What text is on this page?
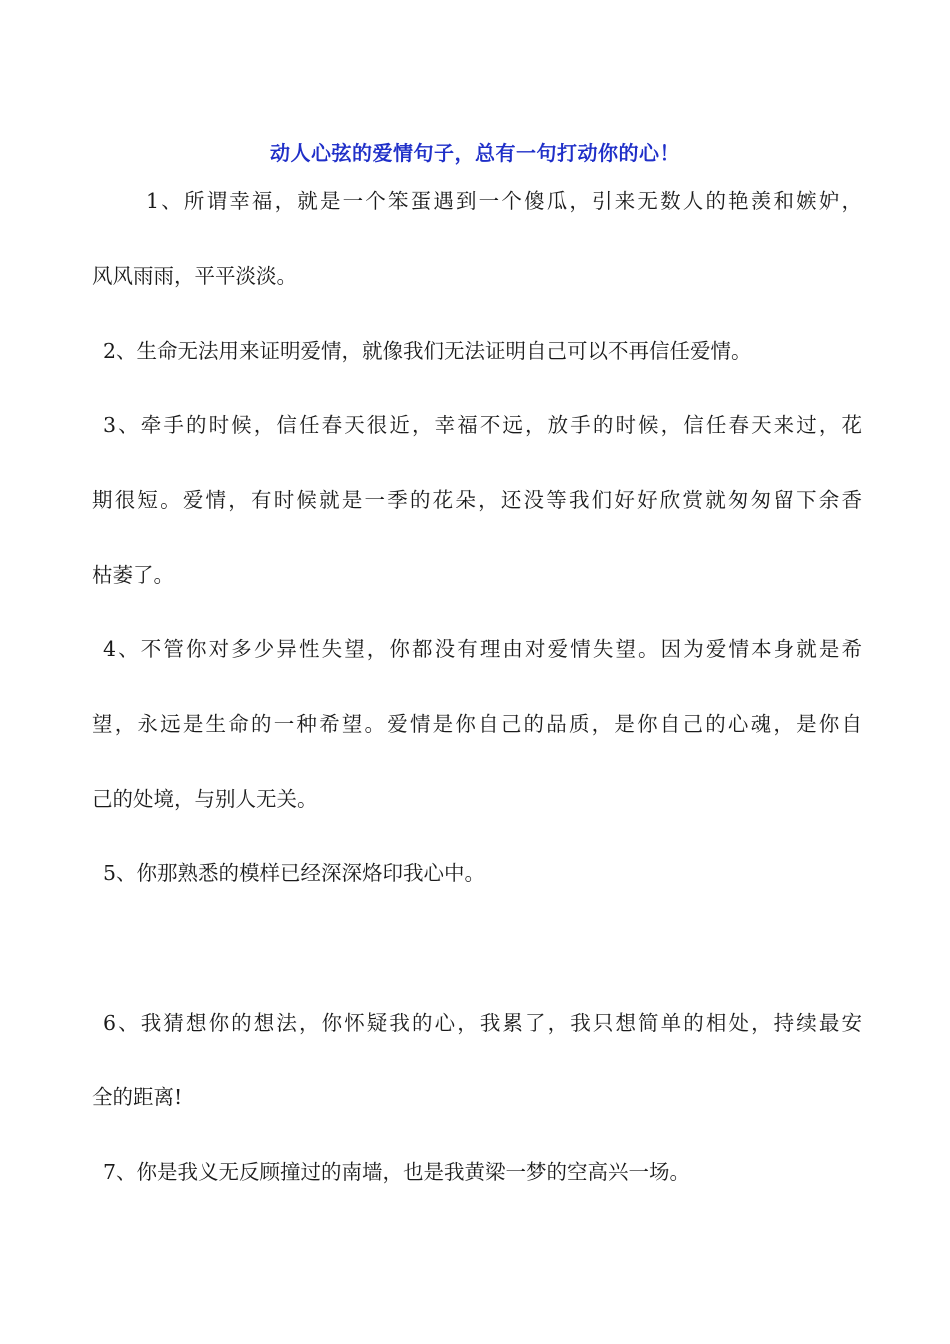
动人心弦的爱情句子，总有一句打动你的心！
1、所谓幸福，就是一个笨蛋遇到一个傻瓜，引来无数人的艳羡和嫉妒，
风风雨雨，平平淡淡。
2、生命无法用来证明爱情，就像我们无法证明自己可以不再信任爱情。
3、牵手的时候，信任春天很近，幸福不远，放手的时候，信任春天来过，花
期很短。爱情，有时候就是一季的花朵，还没等我们好好欣赏就匆匆留下余香
枯萎了。
4、不管你对多少异性失望，你都没有理由对爱情失望。因为爱情本身就是希
望，永远是生命的一种希望。爱情是你自己的品质，是你自己的心魂，是你自
己的处境，与别人无关。
5、你那熟悉的模样已经深深烙印我心中。
6、我猜想你的想法，你怀疑我的心，我累了，我只想简单的相处，持续最安
全的距离!
7、你是我义无反顾撞过的南墙，也是我黄梁一梦的空高兴一场。
